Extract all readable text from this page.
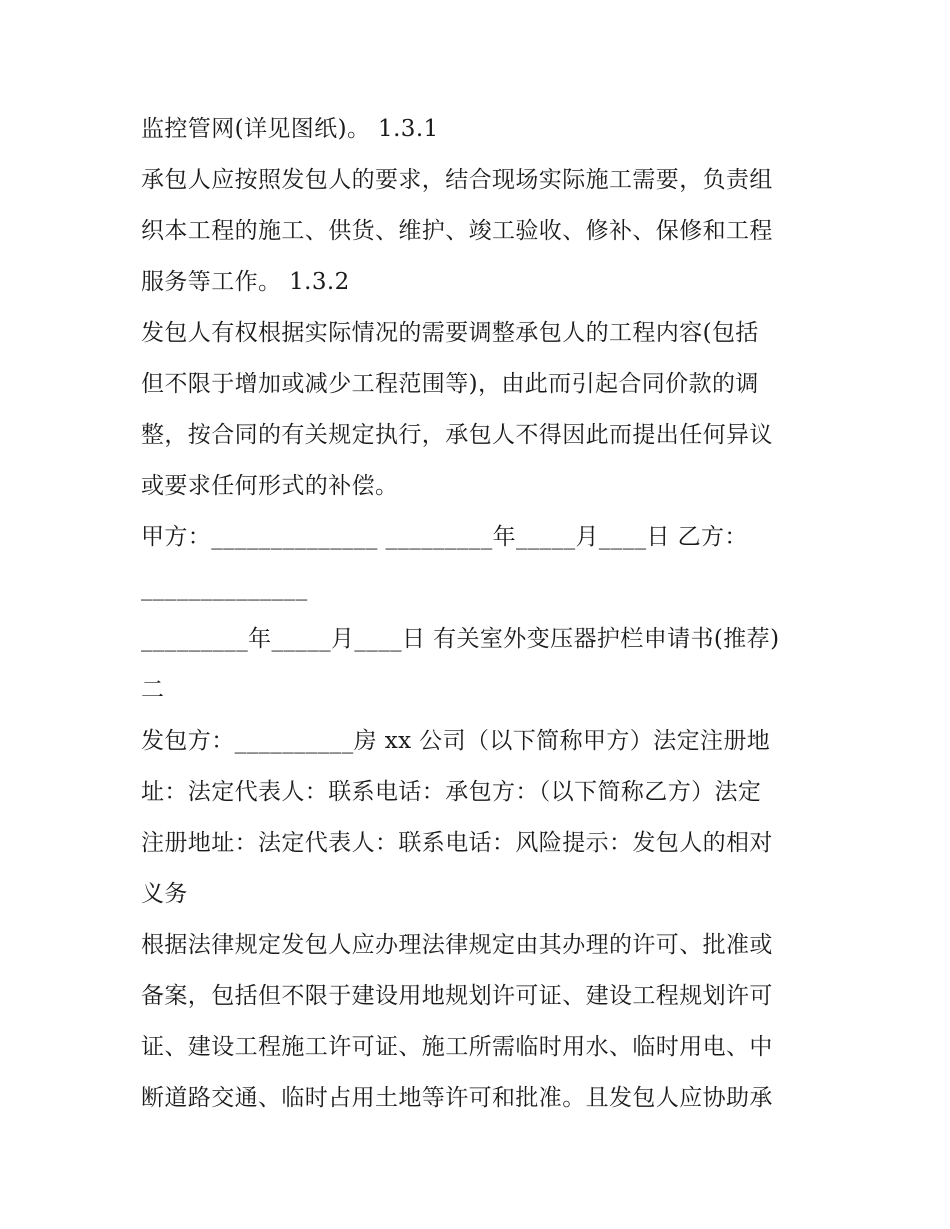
监控管网(详见图纸)。 1.3.1
承包人应按照发包人的要求，结合现场实际施工需要，负责组
织本工程的施工、供货、维护、竣工验收、修补、保修和工程
服务等工作。 1.3.2
发包人有权根据实际情况的需要调整承包人的工程内容(包括
但不限于增加或减少工程范围等)，由此而引起合同价款的调
整，按合同的有关规定执行，承包人不得因此而提出任何异议
或要求任何形式的补偿。
甲方：______________ _________年_____月____日 乙方：
______________
_________年_____月____日 有关室外变压器护栏申请书(推荐)
二
发包方：__________房 xx 公司（以下简称甲方）法定注册地
址：法定代表人：联系电话：承包方：（以下简称乙方）法定
注册地址：法定代表人：联系电话：风险提示：发包人的相对
义务
根据法律规定发包人应办理法律规定由其办理的许可、批准或
备案，包括但不限于建设用地规划许可证、建设工程规划许可
证、建设工程施工许可证、施工所需临时用水、临时用电、中
断道路交通、临时占用土地等许可和批准。且发包人应协助承
